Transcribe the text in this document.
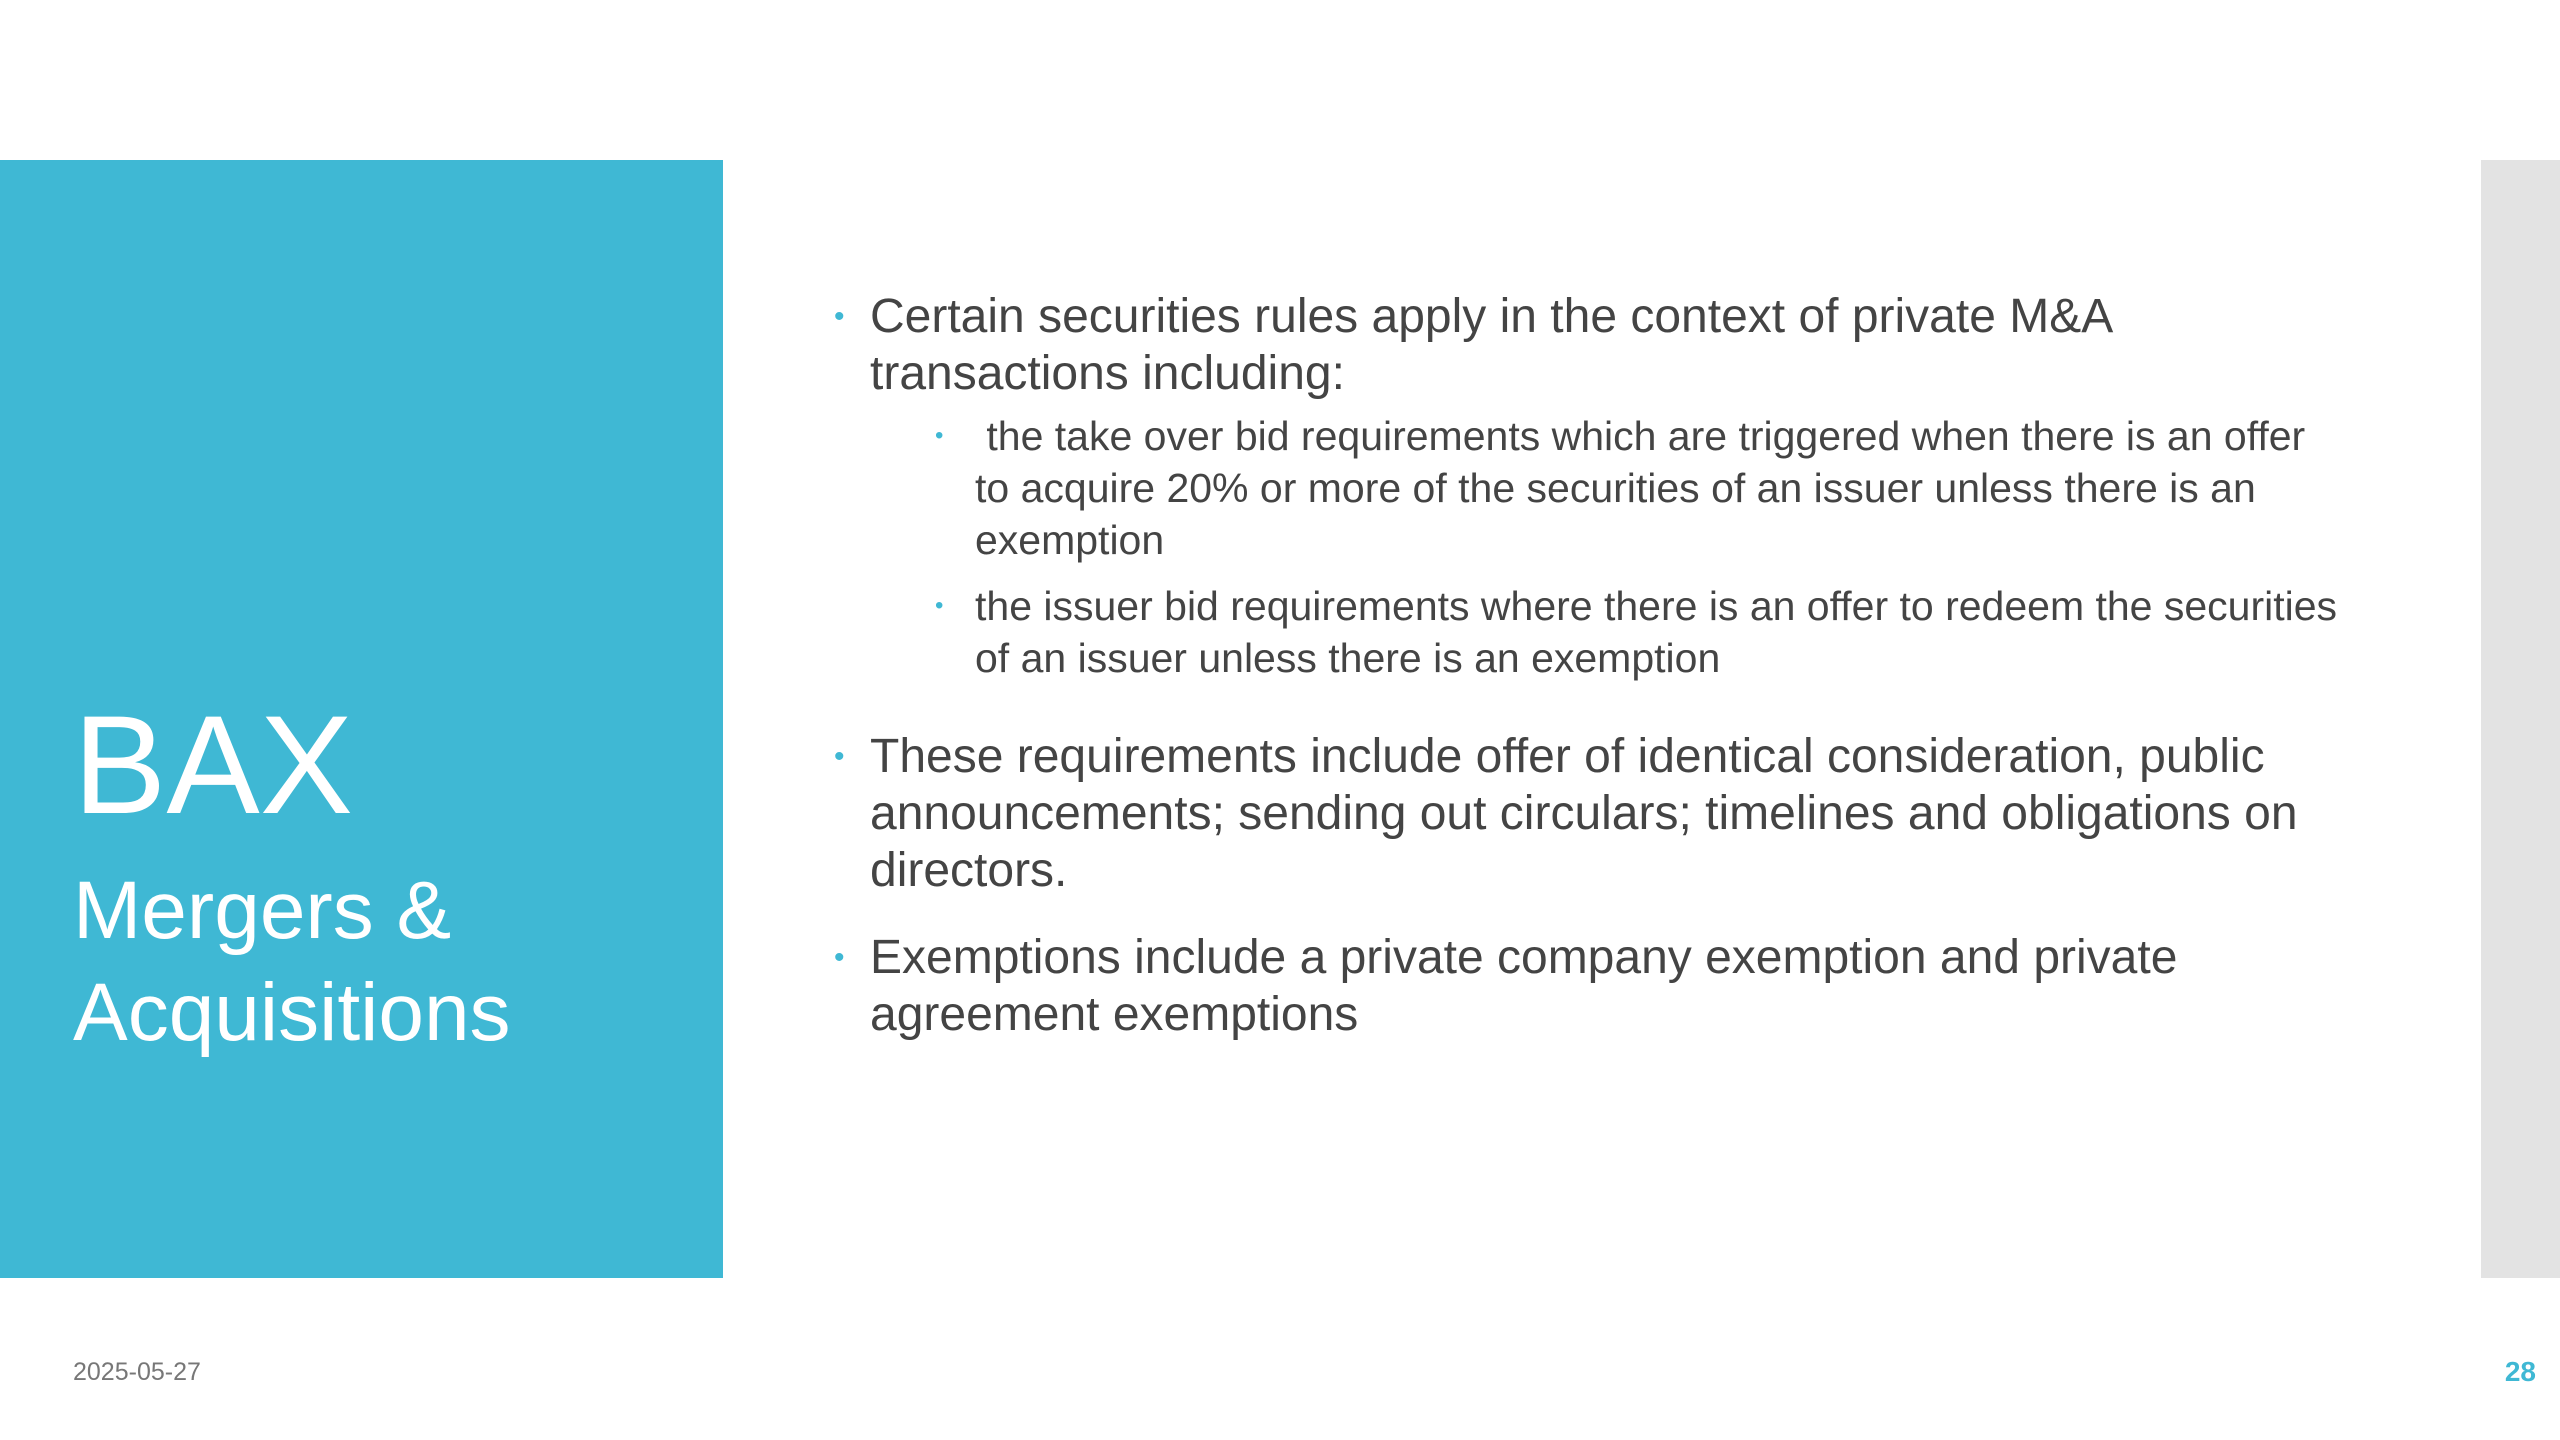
BAX
Mergers & Acquisitions
• Certain securities rules apply in the context of private M&A transactions including:
• the take over bid requirements which are triggered when there is an offer to acquire 20% or more of the securities of an issuer unless there is an exemption
• the issuer bid requirements where there is an offer to redeem the securities of an issuer unless there is an exemption
• These requirements include offer of identical consideration, public announcements; sending out circulars; timelines and obligations on directors.
• Exemptions include a private company exemption and private agreement exemptions
2025-05-27	28
